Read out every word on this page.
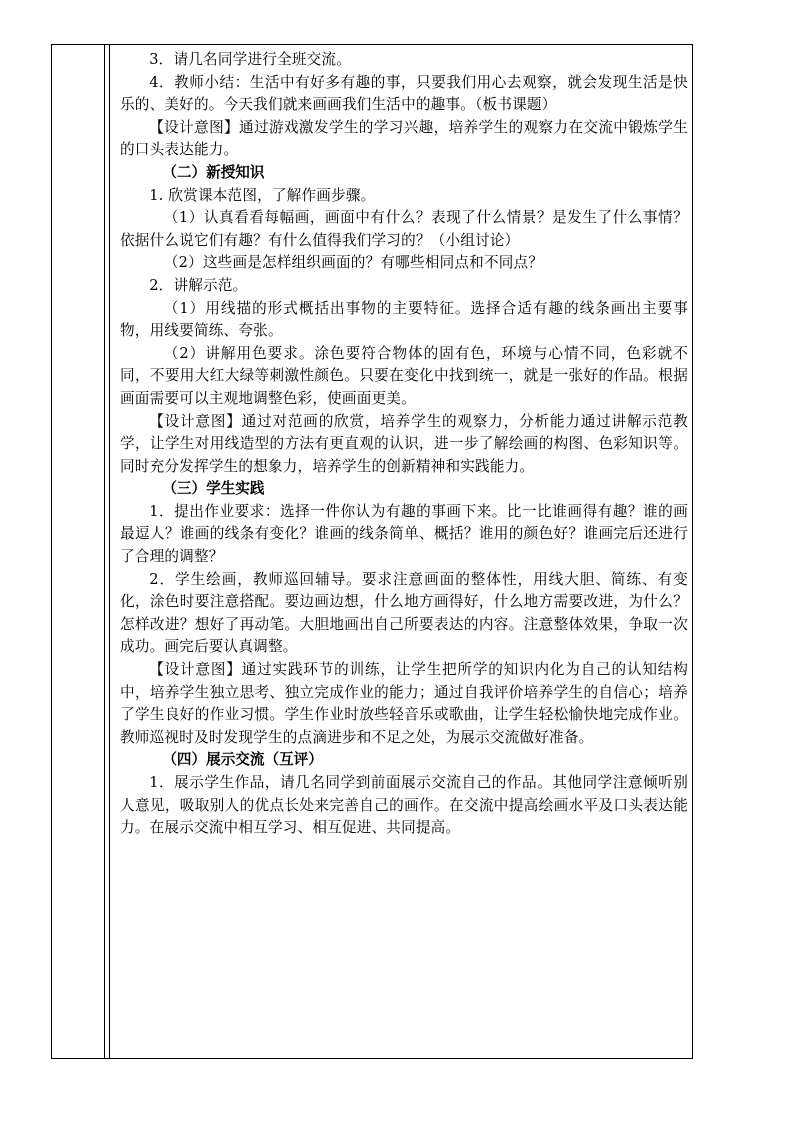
3．请几名同学进行全班交流。

4．教师小结：生活中有好多有趣的事，只要我们用心去观察，就会发现生活是快乐的、美好的。今天我们就来画画我们生活中的趣事。（板书课题）

【设计意图】通过游戏激发学生的学习兴趣，培养学生的观察力在交流中锻炼学生的口头表达能力。

（二）新授知识

1. 欣赏课本范图，了解作画步骤。

（1）认真看看每幅画，画面中有什么？表现了什么情景？是发生了什么事情？依据什么说它们有趣？有什么值得我们学习的？（小组讨论）

（2）这些画是怎样组织画面的？有哪些相同点和不同点？

2．讲解示范。

（1）用线描的形式概括出事物的主要特征。选择合适有趣的线条画出主要事物，用线要简练、夸张。

（2）讲解用色要求。涂色要符合物体的固有色，环境与心情不同，色彩就不同，不要用大红大绿等刺激性颜色。只要在变化中找到统一，就是一张好的作品。根据画面需要可以主观地调整色彩，使画面更美。

【设计意图】通过对范画的欣赏，培养学生的观察力，分析能力通过讲解示范教学，让学生对用线造型的方法有更直观的认识，进一步了解绘画的构图、色彩知识等。同时充分发挥学生的想象力，培养学生的创新精神和实践能力。

（三）学生实践

1．提出作业要求：选择一件你认为有趣的事画下来。比一比谁画得有趣？谁的画最逗人？谁画的线条有变化？谁画的线条简单、概括？谁用的颜色好？谁画完后还进行了合理的调整？

2．学生绘画，教师巡回辅导。要求注意画面的整体性，用线大胆、简练、有变化，涂色时要注意搭配。要边画边想，什么地方画得好，什么地方需要改进，为什么？怎样改进？想好了再动笔。大胆地画出自己所要表达的内容。注意整体效果，争取一次成功。画完后要认真调整。

【设计意图】通过实践环节的训练，让学生把所学的知识内化为自己的认知结构中，培养学生独立思考、独立完成作业的能力；通过自我评价培养学生的自信心；培养了学生良好的作业习惯。学生作业时放些轻音乐或歌曲，让学生轻松愉快地完成作业。教师巡视时及时发现学生的点滴进步和不足之处，为展示交流做好准备。

（四）展示交流（互评）

1．展示学生作品，请几名同学到前面展示交流自己的作品。其他同学注意倾听别人意见，吸取别人的优点长处来完善自己的画作。在交流中提高绘画水平及口头表达能力。在展示交流中相互学习、相互促进、共同提高。
